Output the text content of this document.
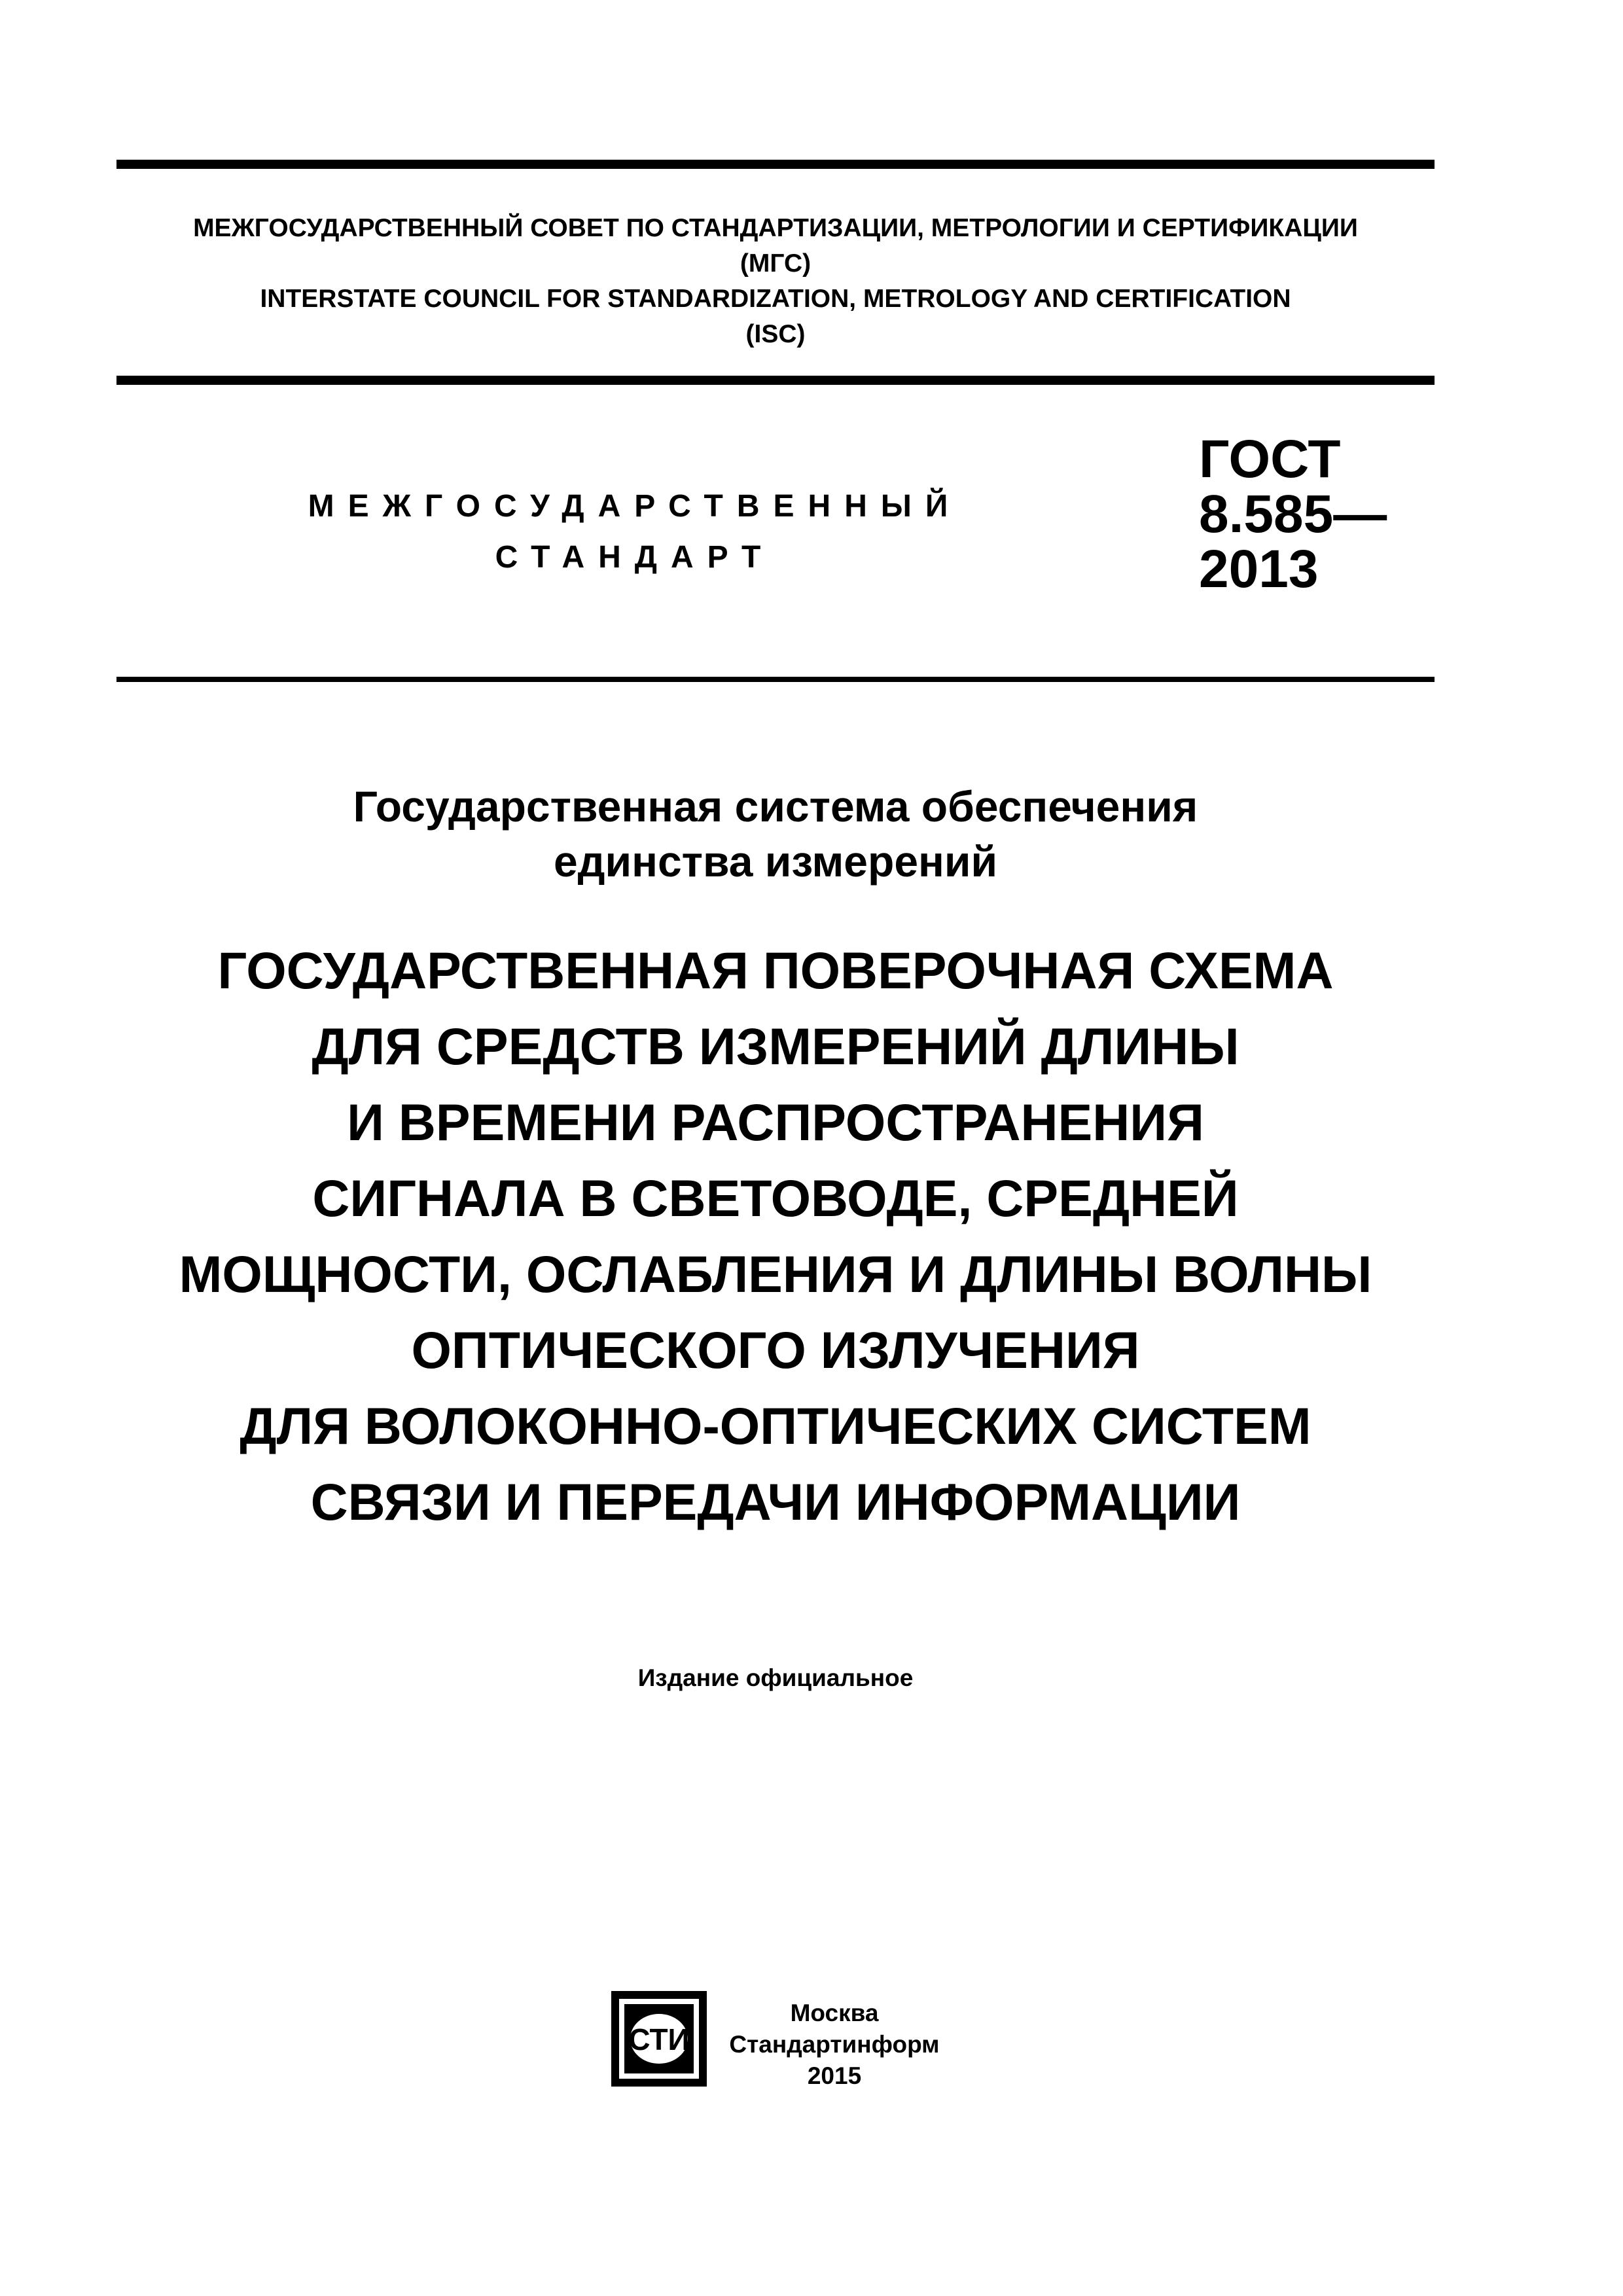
МЕЖГОСУДАРСТВЕННЫЙ СОВЕТ ПО СТАНДАРТИЗАЦИИ, МЕТРОЛОГИИ И СЕРТИФИКАЦИИ
(МГС)
INTERSTATE COUNCIL FOR STANDARDIZATION, METROLOGY AND CERTIFICATION
(ISC)
МЕЖГОСУДАРСТВЕННЫЙ
СТАНДАРТ
ГОСТ
8.585—
2013
Государственная система обеспечения
единства измерений
ГОСУДАРСТВЕННАЯ ПОВЕРОЧНАЯ СХЕМА
ДЛЯ СРЕДСТВ ИЗМЕРЕНИЙ ДЛИНЫ
И ВРЕМЕНИ РАСПРОСТРАНЕНИЯ
СИГНАЛА В СВЕТОВОДЕ, СРЕДНЕЙ
МОЩНОСТИ, ОСЛАБЛЕНИЯ И ДЛИНЫ ВОЛНЫ
ОПТИЧЕСКОГО ИЗЛУЧЕНИЯ
ДЛЯ ВОЛОКОННО-ОПТИЧЕСКИХ СИСТЕМ
СВЯЗИ И ПЕРЕДАЧИ ИНФОРМАЦИИ
Издание официальное
СТИ
Москва
Стандартинформ
2015
